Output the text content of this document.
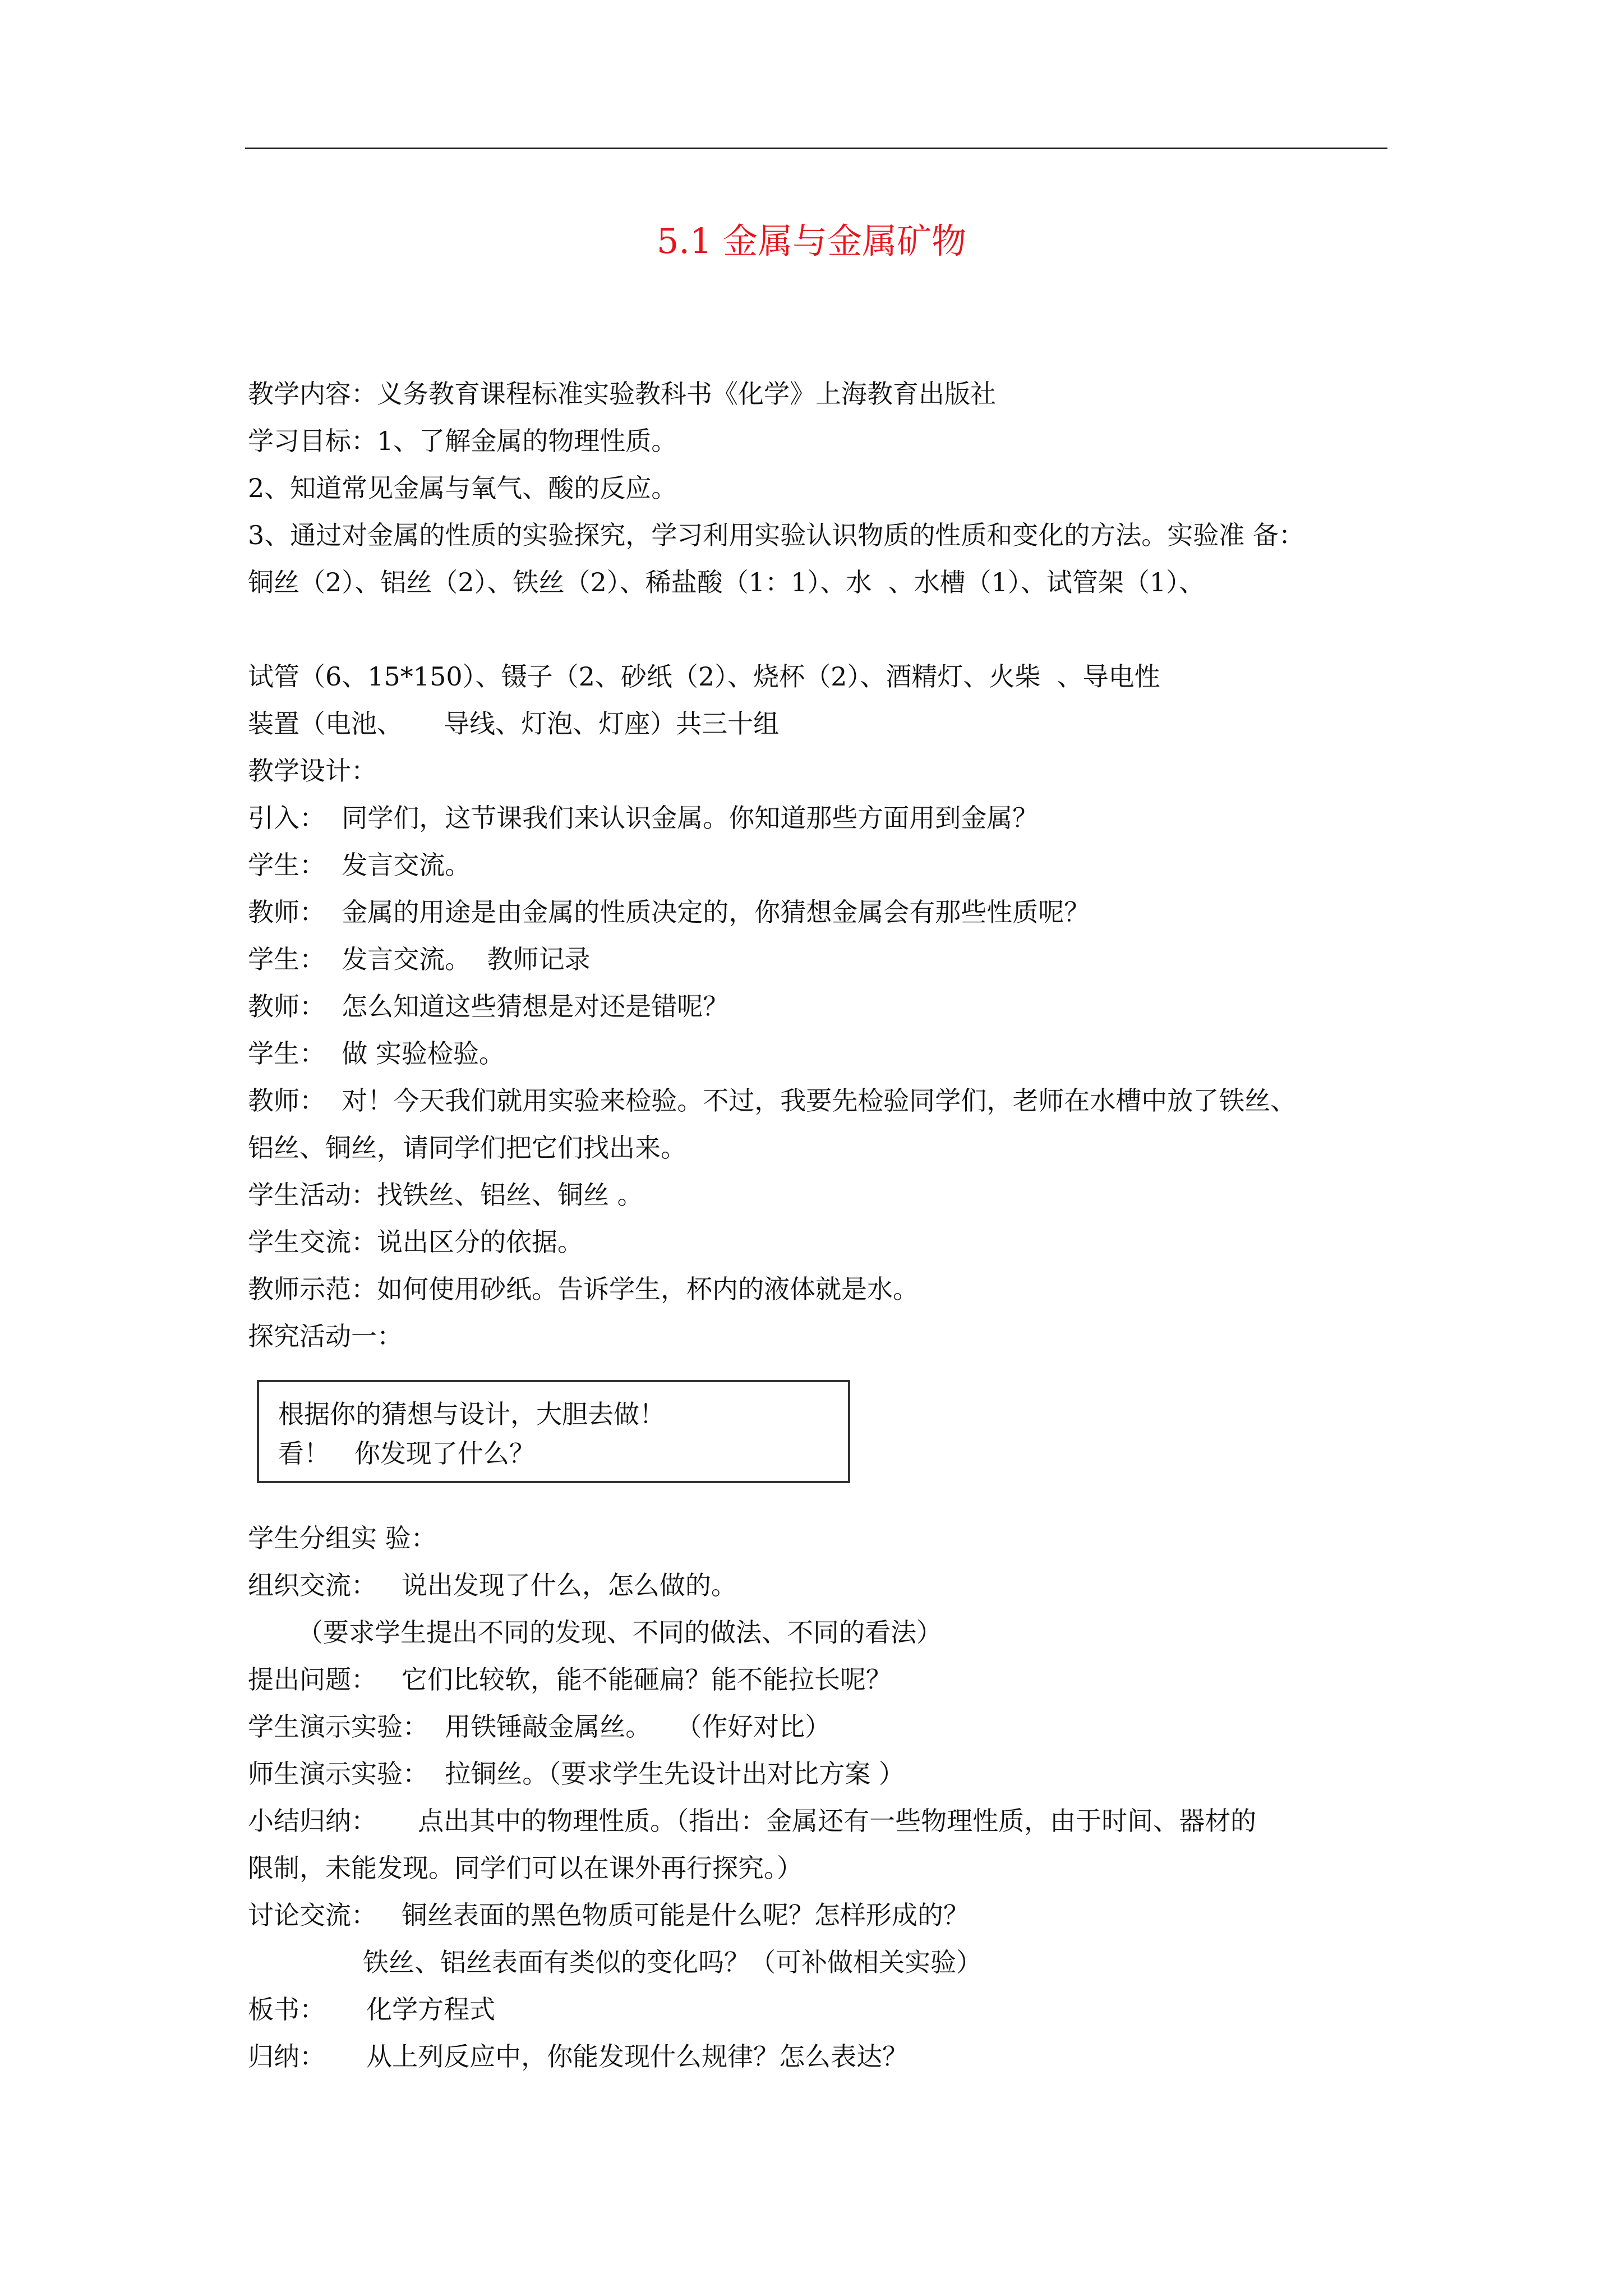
5.1 金属与金属矿物
教学内容：义务教育课程标准实验教科书《化学》上海教育出版社
学习目标：1、了解金属的物理性质。
2、知道常见金属与氧气、酸的反应。
3、通过对金属的性质的实验探究，学习利用实验认识物质的性质和变化的方法。实验准 备：
铜丝（2）、铝丝（2）、铁丝（2）、稀盐酸（1：1）、水  、水槽（1）、试管架（1）、
试管（6、15*150）、镊子（2、砂纸（2）、烧杯（2）、酒精灯、火柴  、导电性
装置（电池、     导线、灯泡、灯座）共三十组
教学设计：
引入：  同学们，这节课我们来认识金属。你知道那些方面用到金属？
学生：  发言交流。
教师：  金属的用途是由金属的性质决定的，你猜想金属会有那些性质呢？
学生：  发言交流。  教师记录
教师：  怎么知道这些猜想是对还是错呢？
学生：  做 实验检验。
教师：  对！今天我们就用实验来检验。不过，我要先检验同学们，老师在水槽中放了铁丝、
铝丝、铜丝，请同学们把它们找出来。
学生活动：找铁丝、铝丝、铜丝 。
学生交流：说出区分的依据。
教师示范：如何使用砂纸。告诉学生，杯内的液体就是水。
探究活动一：
根据你的猜想与设计，大胆去做！
看！   你发现了什么？
学生分组实 验：
组织交流：   说出发现了什么，怎么做的。
（要求学生提出不同的发现、不同的做法、不同的看法）
提出问题：   它们比较软，能不能砸扁？能不能拉长呢？
学生演示实验：  用铁锤敲金属丝。   （作好对比）
师生演示实验：  拉铜丝。（要求学生先设计出对比方案 ）
小结归纳：     点出其中的物理性质。（指出：金属还有一些物理性质，由于时间、器材的
限制，未能发现。同学们可以在课外再行探究。）
讨论交流：   铜丝表面的黑色物质可能是什么呢？怎样形成的？
铁丝、铝丝表面有类似的变化吗？（可补做相关实验）
板书：     化学方程式
归纳：     从上列反应中，你能发现什么规律？怎么表达？
